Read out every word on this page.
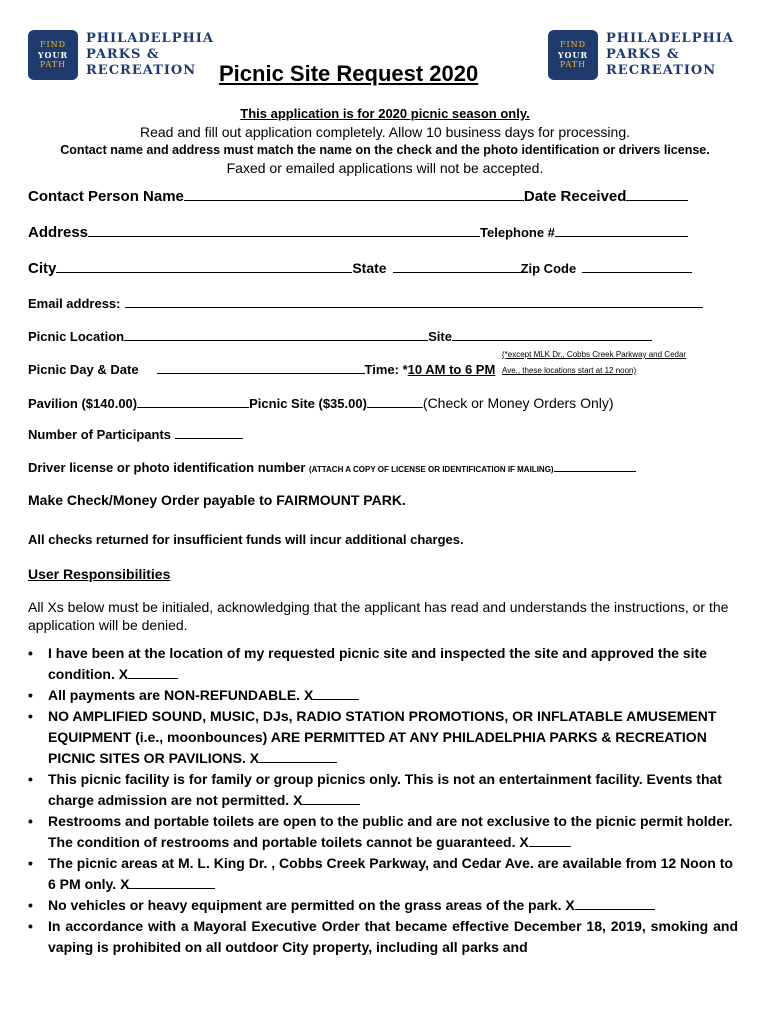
FIND
YOUR
PATH
PHILADELPHIA
PARKS &
RECREATION
FIND
YOUR
PATH
PHILADELPHIA
PARKS &
RECREATION
Picnic Site Request 2020
This application is for 2020 picnic season only.
Read and fill out application completely. Allow 10 business days for processing.
Contact name and address must match the name on the check and the photo identification or drivers license.
Faxed or emailed applications will not be accepted.
Contact Person Name	Date Received
Address	Telephone #
City	State	Zip Code
Email address:
Picnic Location	Site
Picnic Day & Date	Time: *10 AM to 6 PM
(*except MLK Dr., Cobbs Creek Parkway and Cedar
Ave., these locations start at 12 noon)
Pavilion ($140.00)	Picnic Site ($35.00)	(Check or Money Orders Only)
Number of Participants
Driver license or photo identification number (ATTACH A COPY OF LICENSE OR IDENTIFICATION IF MAILING)
Make Check/Money Order payable to FAIRMOUNT PARK.
All checks returned for insufficient funds will incur additional charges.
User Responsibilities
All Xs below must be initialed, acknowledging that the applicant has read and understands the instructions, or the application will be denied.
• I have been at the location of my requested picnic site and inspected the site and approved the site condition. X
• All payments are NON-REFUNDABLE. X
• NO AMPLIFIED SOUND, MUSIC, DJs, RADIO STATION PROMOTIONS, OR INFLATABLE AMUSEMENT EQUIPMENT (i.e., moonbounces) ARE PERMITTED AT ANY PHILADELPHIA PARKS & RECREATION PICNIC SITES OR PAVILIONS. X
• This picnic facility is for family or group picnics only. This is not an entertainment facility. Events that charge admission are not permitted. X
• Restrooms and portable toilets are open to the public and are not exclusive to the picnic permit holder. The condition of restrooms and portable toilets cannot be guaranteed. X
• The picnic areas at M. L. King Dr. , Cobbs Creek Parkway, and Cedar Ave. are available from 12 Noon to 6 PM only. X
• No vehicles or heavy equipment are permitted on the grass areas of the park. X
• In accordance with a Mayoral Executive Order that became effective December 18, 2019, smoking and vaping is prohibited on all outdoor City property, including all parks and
